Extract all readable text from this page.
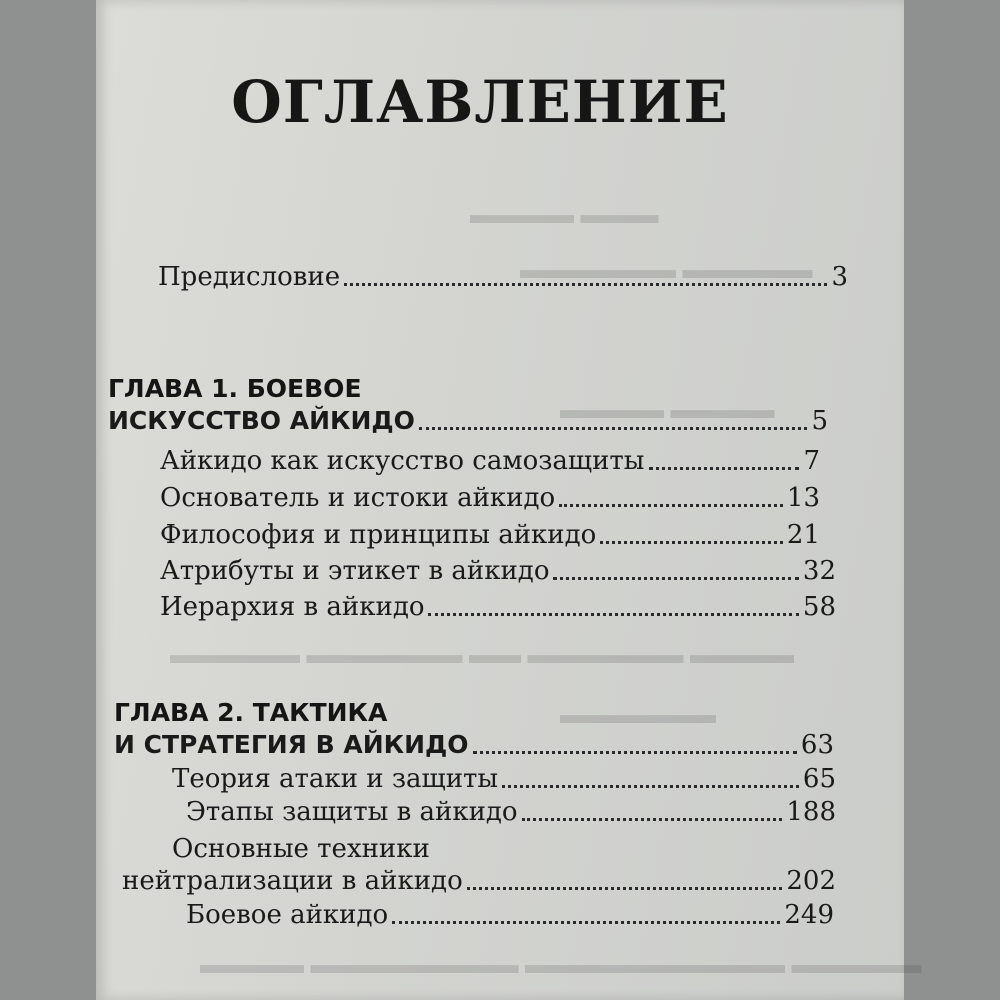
▬▬▬ ▬▬▬▬
▬▬▬▬▬ ▬▬▬▬▬▬
▬▬▬▬ ▬▬▬▬
▬▬▬▬ ▬▬▬▬▬▬ ▬▬ ▬▬▬▬▬▬ ▬▬▬▬▬
▬▬▬▬▬▬
▬▬▬▬▬ ▬▬▬▬▬▬▬▬▬▬ ▬▬▬▬▬▬▬▬ ▬▬▬▬
ОГЛАВЛЕНИЕ
Предисловие	3
ГЛАВА 1. БОЕВОЕ
ИСКУССТВО АЙКИДО	5
Айкидо как искусство самозащиты	7
Основатель и истоки айкидо	13
Философия и принципы айкидо	21
Атрибуты и этикет в айкидо	32
Иерархия в айкидо	58
ГЛАВА 2. ТАКТИКА
И СТРАТЕГИЯ В АЙКИДО	63
Теория атаки и защиты	65
Этапы защиты в айкидо	188
Основные техники
нейтрализации в айкидо	202
Боевое айкидо	249
